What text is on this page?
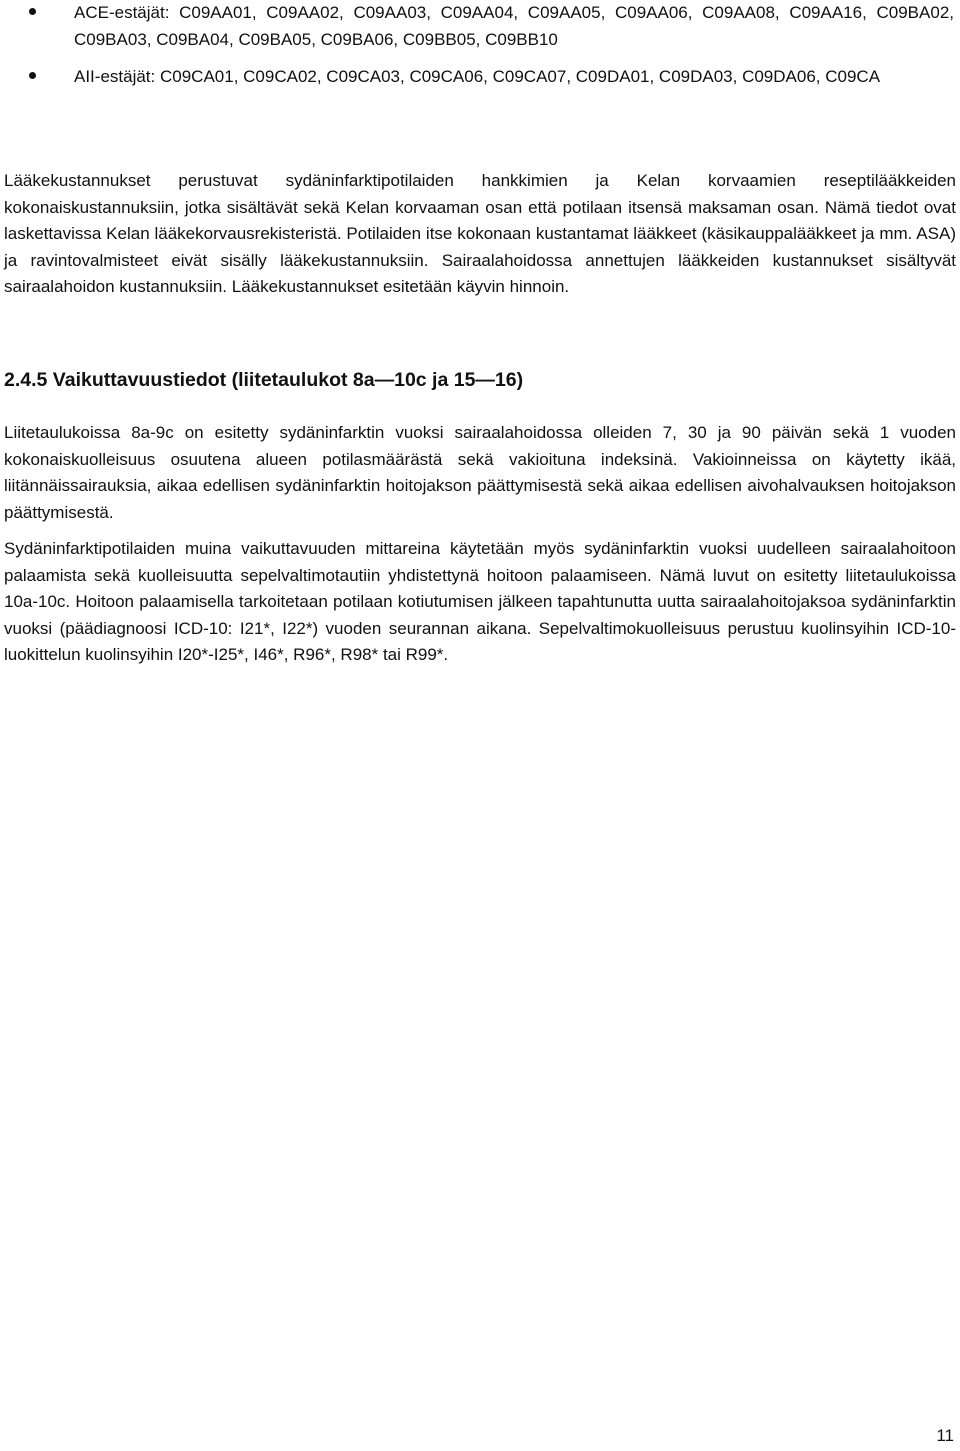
ACE-estäjät: C09AA01, C09AA02, C09AA03, C09AA04, C09AA05, C09AA06, C09AA08, C09AA16, C09BA02, C09BA03, C09BA04, C09BA05, C09BA06, C09BB05, C09BB10
AII-estäjät: C09CA01, C09CA02, C09CA03, C09CA06, C09CA07, C09DA01, C09DA03, C09DA06, C09CA

Lääkekustannukset perustuvat sydäninfarktipotilaiden hankkimien ja Kelan korvaamien reseptilääkkeiden kokonaiskustannuksiin, jotka sisältävät sekä Kelan korvaaman osan että potilaan itsensä maksaman osan. Nämä tiedot ovat laskettavissa Kelan lääkekorvausrekisteristä. Potilaiden itse kokonaan kustantamat lääkkeet (käsikauppalääkkeet ja mm. ASA) ja ravintovalmisteet eivät sisälly lääkekustannuksiin. Sairaalahoidossa annettujen lääkkeiden kustannukset sisältyvät sairaalahoidon kustannuksiin. Lääkekustannukset esitetään käyvin hinnoin.

2.4.5 Vaikuttavuustiedot (liitetaulukot 8a—10c ja 15—16)

Liitetaulukoissa 8a-9c on esitetty sydäninfarktin vuoksi sairaalahoidossa olleiden 7, 30 ja 90 päivän sekä 1 vuoden kokonaiskuolleisuus osuutena alueen potilasmäärästä sekä vakioituna indeksinä. Vakioinneissa on käytetty ikää, liitännäissairauksia, aikaa edellisen sydäninfarktin hoitojakson päättymisestä sekä aikaa edellisen aivohalvauksen hoitojakson päättymisestä.

Sydäninfarktipotilaiden muina vaikuttavuuden mittareina käytetään myös sydäninfarktin vuoksi uudelleen sairaalahoitoon palaamista sekä kuolleisuutta sepelvaltimotautiin yhdistettynä hoitoon palaamiseen. Nämä luvut on esitetty liitetaulukoissa 10a-10c. Hoitoon palaamisella tarkoitetaan potilaan kotiutumisen jälkeen tapahtunutta uutta sairaalahoitojaksoa sydäninfarktin vuoksi (päädiagnoosi ICD-10: I21*, I22*) vuoden seurannan aikana. Sepelvaltimokuolleisuus perustuu kuolinsyihin ICD-10-luokittelun kuolinsyihin I20*-I25*, I46*, R96*, R98* tai R99*.

11
